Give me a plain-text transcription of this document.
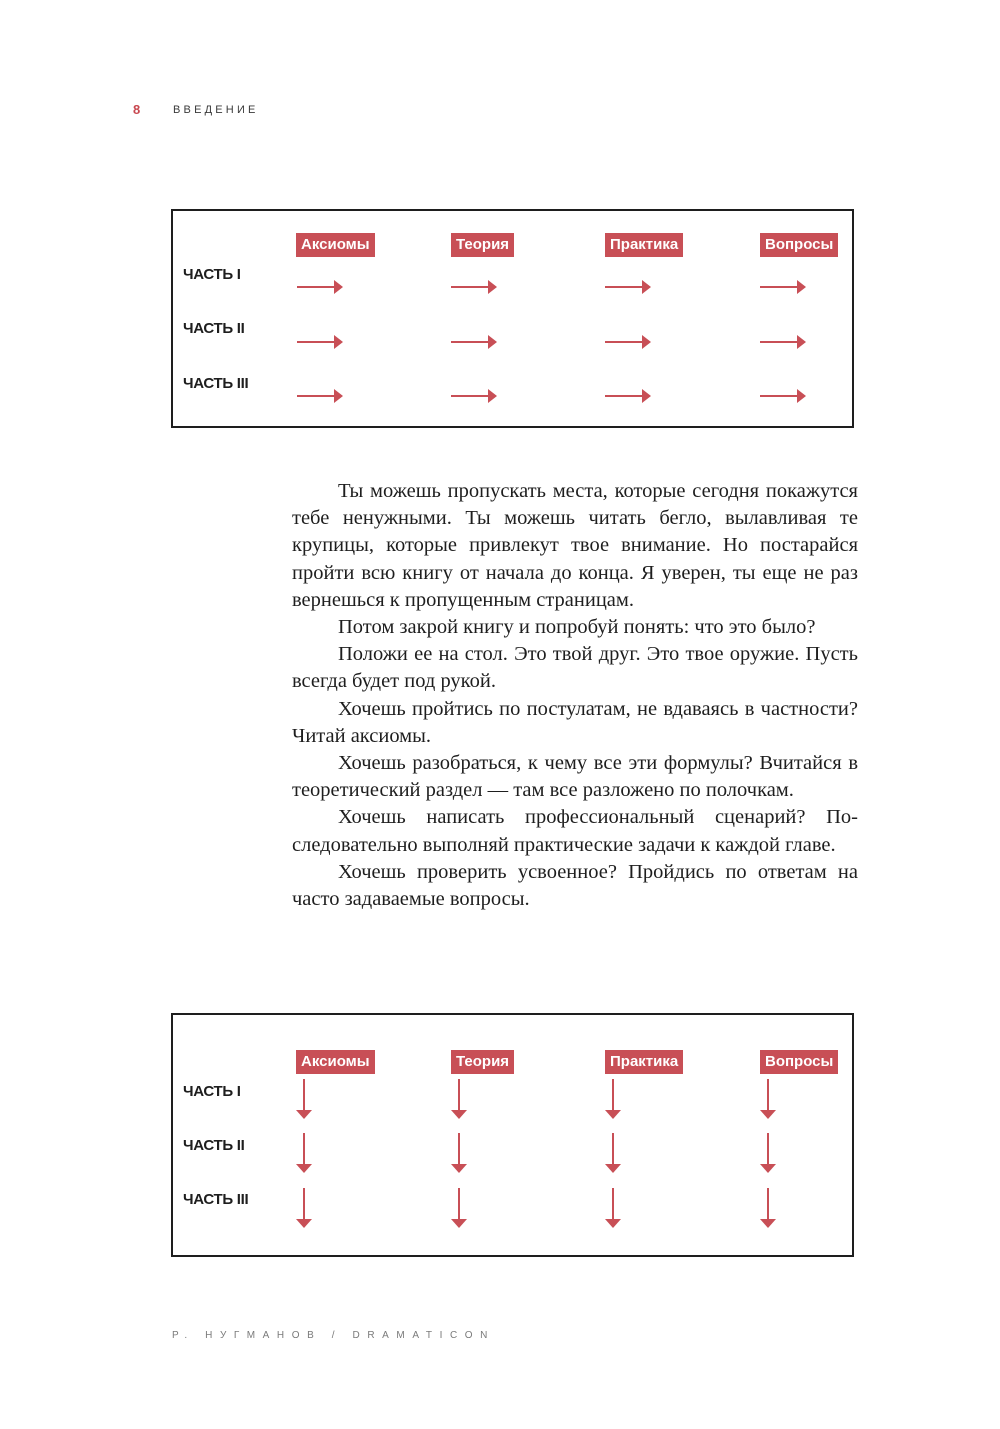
8	ВВЕДЕНИЕ
Аксиомы	Теория	Практика	Вопросы
ЧАСТЬ I
ЧАСТЬ II
ЧАСТЬ III

Ты можешь пропускать места, которые сегодня покажутся тебе ненужными. Ты можешь читать бегло, вылавливая те крупицы, которые привлекут твое внимание. Но постарайся пройти всю книгу от начала до конца. Я уверен, ты еще не раз вернешься к пропущенным страницам.

Потом закрой книгу и попробуй понять: что это было?

Положи ее на стол. Это твой друг. Это твое оружие. Пусть всегда будет под рукой.

Хочешь пройтись по постулатам, не вдаваясь в частности? Читай аксиомы.

Хочешь разобраться, к чему все эти формулы? Вчитайся в теоретический раздел — там все разложено по полочкам.

Хочешь написать профессиональный сценарий? Последовательно выполняй практические задачи к каждой главе.

Хочешь проверить усвоенное? Пройдись по ответам на часто задаваемые вопросы.

Аксиомы	Теория	Практика	Вопросы
ЧАСТЬ I
ЧАСТЬ II
ЧАСТЬ III
Р. НУГМАНОВ / DRAMATICON
